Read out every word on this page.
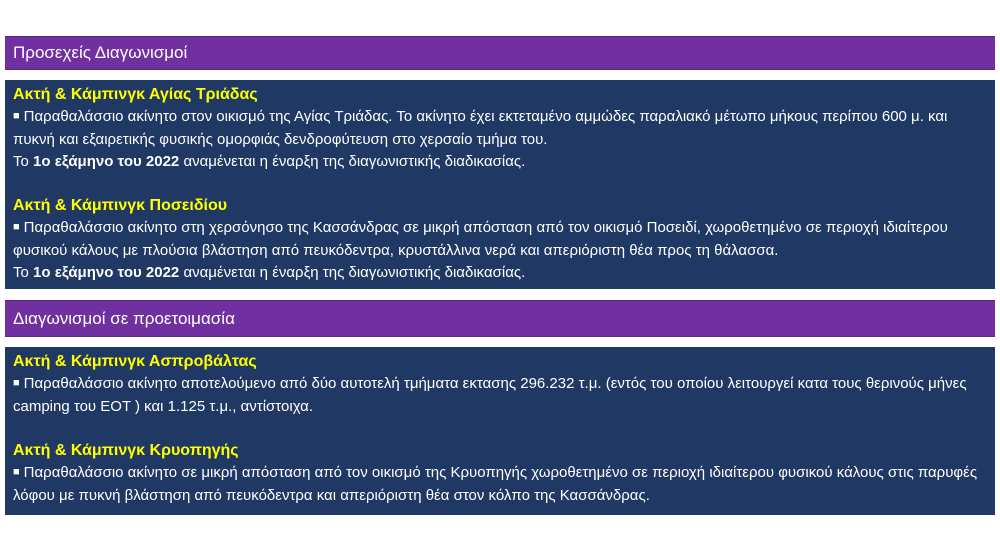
Προσεχείς Διαγωνισμοί
Ακτή & Κάμπινγκ Αγίας Τριάδας
■ Παραθαλάσσιο ακίνητο στον οικισμό της Αγίας Τριάδας. Το ακίνητο έχει εκτεταμένο αμμώδες παραλιακό μέτωπο μήκους περίπου 600 μ. και πυκνή και εξαιρετικής φυσικής ομορφιάς δενδροφύτευση στο χερσαίο τμήμα του.
Το 1ο εξάμηνο του 2022 αναμένεται η έναρξη της διαγωνιστικής διαδικασίας.
Ακτή & Κάμπινγκ Ποσειδίου
■ Παραθαλάσσιο ακίνητο στη χερσόνησο της Κασσάνδρας σε μικρή απόσταση από τον οικισμό Ποσειδί, χωροθετημένο σε περιοχή ιδιαίτερου φυσικού κάλους με πλούσια βλάστηση από πευκόδεντρα, κρυστάλλινα νερά και απεριόριστη θέα προς τη θάλασσα.
Το 1ο εξάμηνο του 2022 αναμένεται η έναρξη της διαγωνιστικής διαδικασίας.
Διαγωνισμοί σε προετοιμασία
Ακτή & Κάμπινγκ Ασπροβάλτας
■ Παραθαλάσσιο ακίνητο αποτελούμενο από δύο αυτοτελή τμήματα εκτασης 296.232 τ.μ. (εντός του οποίου λειτουργεί κατα τους θερινούς μήνες camping του ΕΟΤ ) και 1.125 τ.μ., αντίστοιχα.
Ακτή & Κάμπινγκ Κρυοπηγής
■ Παραθαλάσσιο ακίνητο σε μικρή απόσταση από τον οικισμό της Κρυοπηγής χωροθετημένο σε περιοχή ιδιαίτερου φυσικού κάλους στις παρυφές λόφου με πυκνή βλάστηση από πευκόδεντρα και απεριόριστη θέα στον κόλπο της Κασσάνδρας.
